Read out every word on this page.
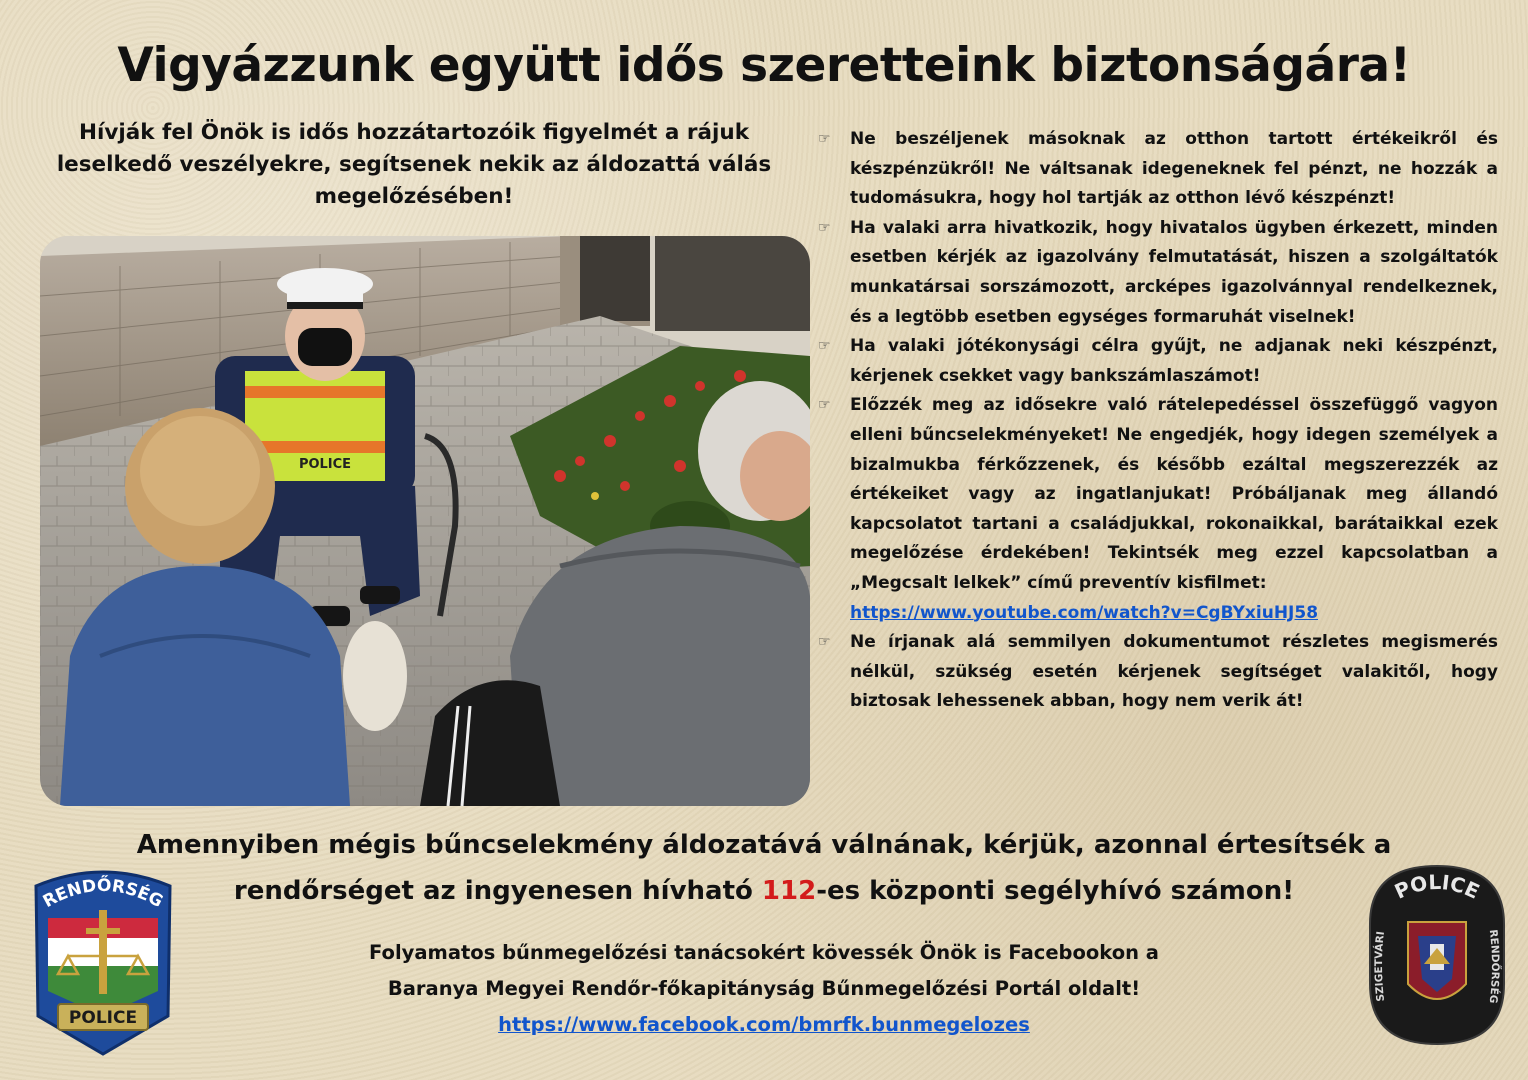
Vigyázzunk együtt idős szeretteink biztonságára!

Hívják fel Önök is idős hozzátartozóik figyelmét a rájuk leselkedő veszélyekre, segítsenek nekik az áldozattá válás megelőzésében!

POLICE
☞ Ne beszéljenek másoknak az otthon tartott értékeikről és készpénzükről! Ne váltsanak idegeneknek fel pénzt, ne hozzák a tudomásukra, hogy hol tartják az otthon lévő készpénzt!
☞ Ha valaki arra hivatkozik, hogy hivatalos ügyben érkezett, minden esetben kérjék az igazolvány felmutatását, hiszen a szolgáltatók munkatársai sorszámozott, arcképes igazolvánnyal rendelkeznek, és a legtöbb esetben egységes formaruhát viselnek!
☞ Ha valaki jótékonysági célra gyűjt, ne adjanak neki készpénzt, kérjenek csekket vagy bankszámlaszámot!
☞ Előzzék meg az idősekre való rátelepedéssel összefüggő vagyon elleni bűncselekményeket! Ne engedjék, hogy idegen személyek a bizalmukba férkőzzenek, és később ezáltal megszerezzék az értékeiket vagy az ingatlanjukat! Próbáljanak meg állandó kapcsolatot tartani a családjukkal, rokonaikkal, barátaikkal ezek megelőzése érdekében! Tekintsék meg ezzel kapcsolatban a „Megcsalt lelkek” című preventív kisfilmet:
https://www.youtube.com/watch?v=CgBYxiuHJ58
☞ Ne írjanak alá semmilyen dokumentumot részletes megismerés nélkül, szükség esetén kérjenek segítséget valakitől, hogy biztosak lehessenek abban, hogy nem verik át!

Amennyiben mégis bűncselekmény áldozatává válnának, kérjük, azonnal értesítsék a
rendőrséget az ingyenesen hívható 112-es központi segélyhívó számon!

Folyamatos bűnmegelőzési tanácsokért kövessék Önök is Facebookon a
Baranya Megyei Rendőr-főkapitányság Bűnmegelőzési Portál oldalt!
https://www.facebook.com/bmrfk.bunmegelozes

RENDŐRSÉG
POLICE
POLICE
SZIGETVÁRI	RENDŐRSÉG
